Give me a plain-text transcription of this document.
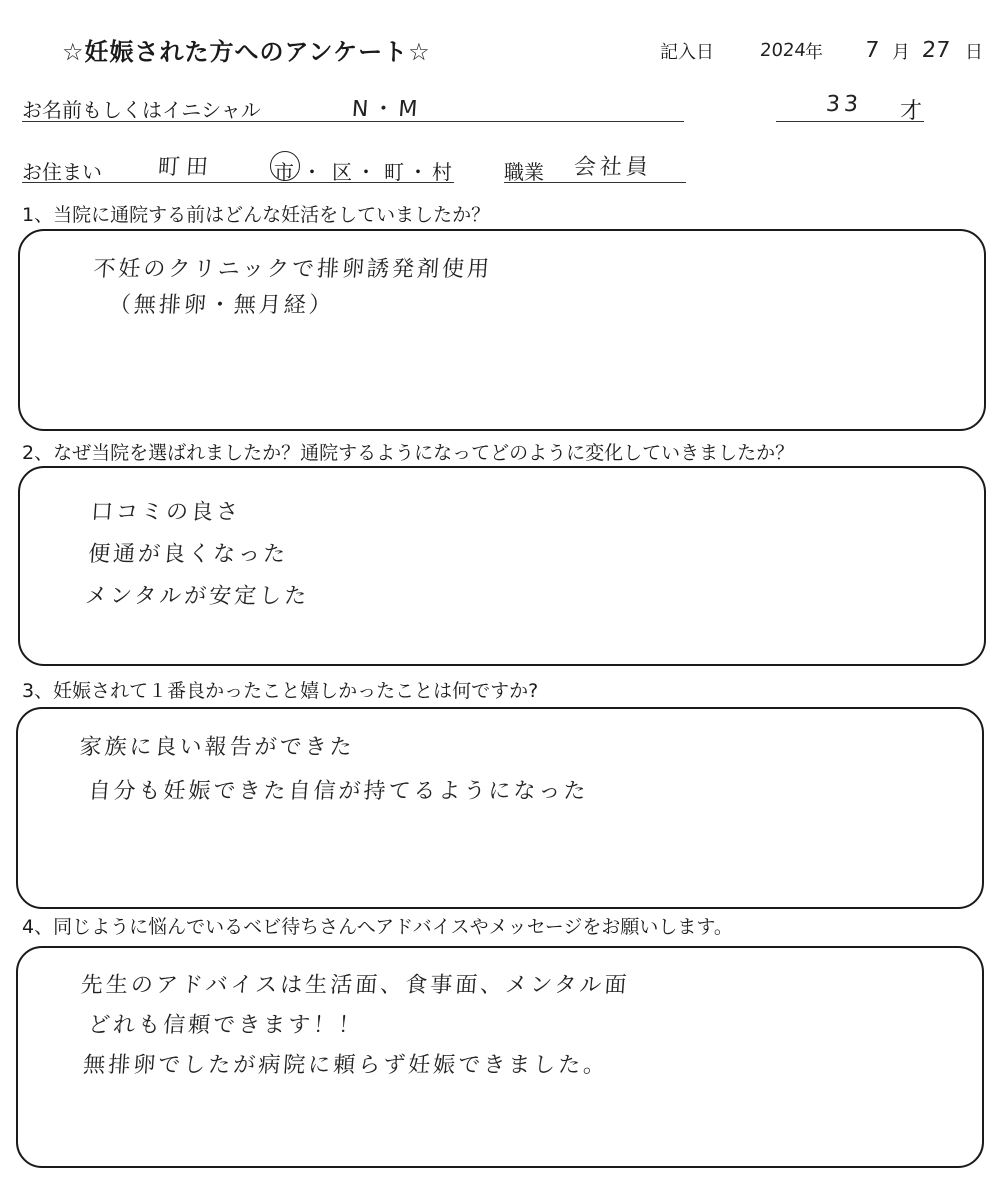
☆妊娠された方へのアンケート☆	記入日	2024
年 7 月 27 日
お名前もしくはイニシャル	N・M	33 才
お住まい 町田	市 ・ 区 ・ 町 ・ 村	職業 会社員
1、当院に通院する前はどんな妊活をしていましたか？
不妊のクリニックで排卵誘発剤使用
（無排卵・無月経）
2、なぜ当院を選ばれましたか？通院するようになってどのように変化していきましたか？
口コミの良さ
便通が良くなった
メンタルが安定した
3、妊娠されて１番良かったこと嬉しかったことは何ですか?
家族に良い報告ができた
自分も妊娠できた自信が持てるようになった
4、同じように悩んでいるベビ待ちさんへアドバイスやメッセージをお願いします。
先生のアドバイスは生活面、食事面、メンタル面
どれも信頼できます！！
無排卵でしたが病院に頼らず妊娠できました。
